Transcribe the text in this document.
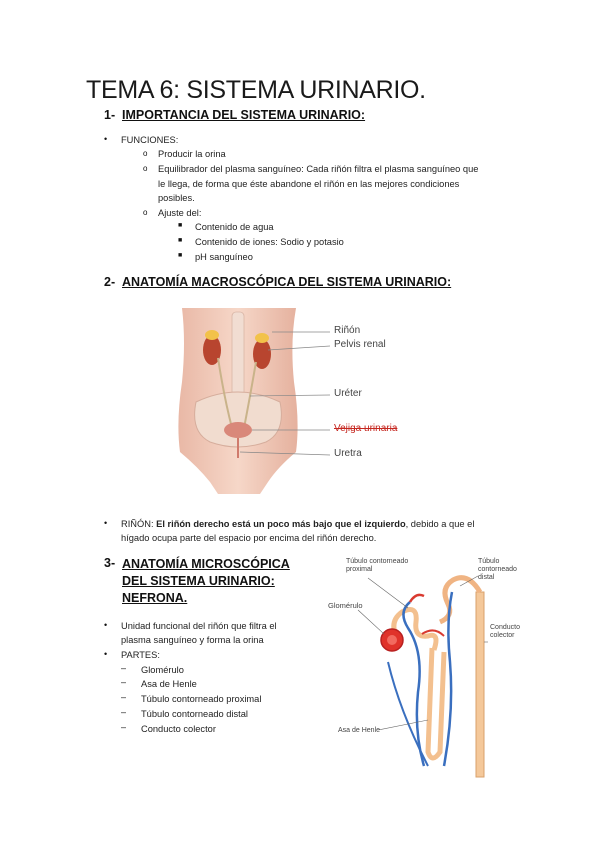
TEMA 6: SISTEMA URINARIO.
1- IMPORTANCIA DEL SISTEMA URINARIO:
• FUNCIONES:
o Producir la orina
o Equilibrador del plasma sanguíneo: Cada riñón filtra el plasma sanguíneo que
le llega, de forma que éste abandone el riñón en las mejores condiciones
posibles.
o Ajuste del:
■ Contenido de agua
■ Contenido de iones: Sodio y potasio
■ pH sanguíneo
2- ANATOMÍA MACROSCÓPICA DEL SISTEMA URINARIO:
Riñón
Pelvis renal
Uréter
Vejiga urinaria
Uretra
• RIÑÓN: El riñón derecho está un poco más bajo que el izquierdo, debido a que el
hígado ocupa parte del espacio por encima del riñón derecho.
3- ANATOMÍA MICROSCÓPICA
DEL SISTEMA URINARIO:
NEFRONA.
• Unidad funcional del riñón que filtra el
plasma sanguíneo y forma la orina
• PARTES:
– Glomérulo
– Asa de Henle
– Túbulo contorneado proximal
– Túbulo contorneado distal
– Conducto colector
Túbulo contorneado
proximal
Túbulo
contorneado
distal
Glomérulo
Conducto
colector
Asa de Henle
